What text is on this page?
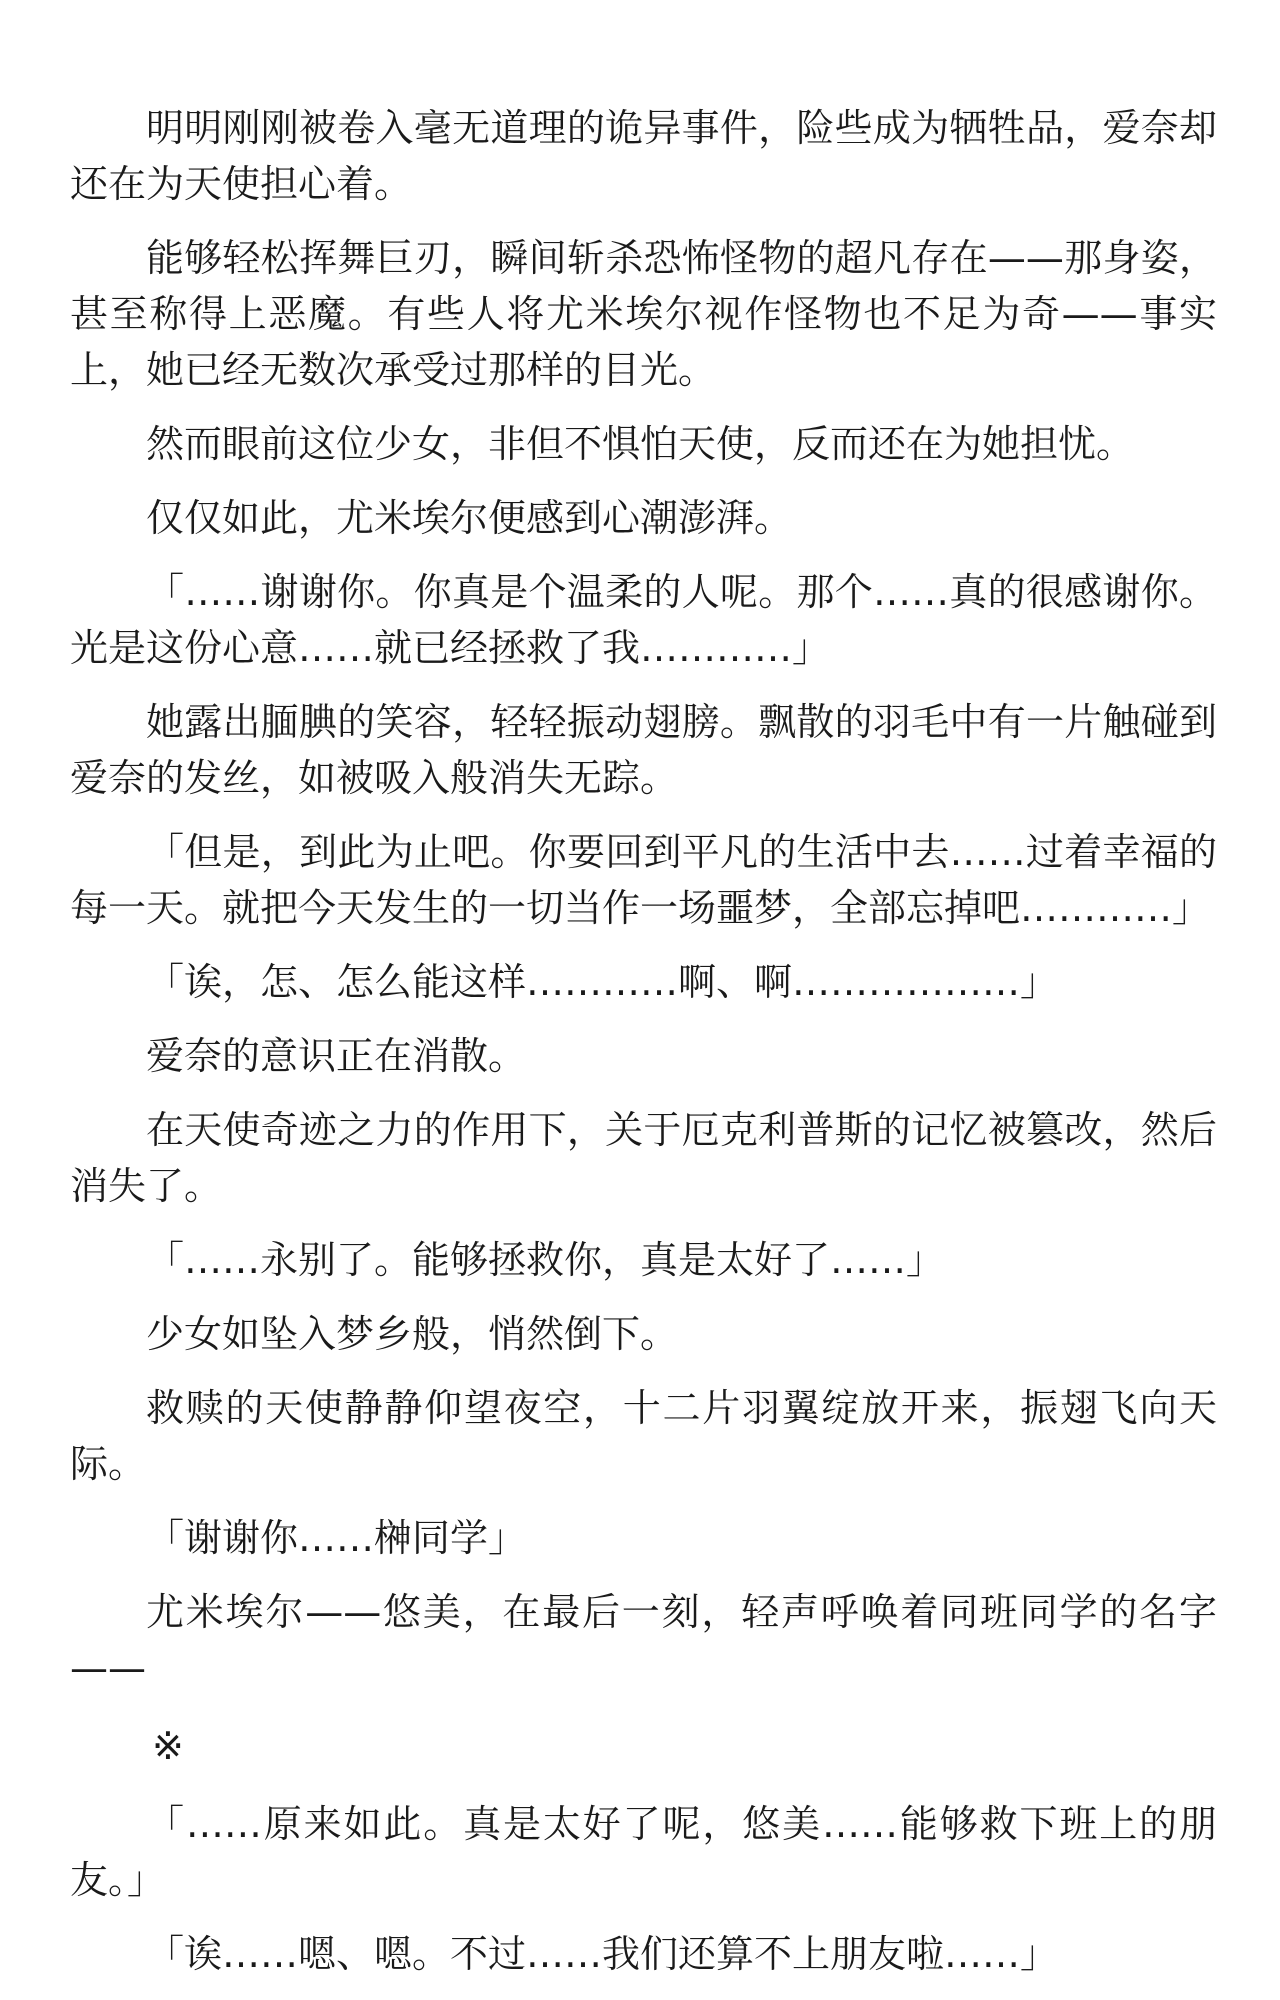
明明刚刚被卷入毫无道理的诡异事件，险些成为牺牲品，爱奈却还在为天使担心着。

能够轻松挥舞巨刃，瞬间斩杀恐怖怪物的超凡存在——那身姿，甚至称得上恶魔。有些人将尤米埃尔视作怪物也不足为奇——事实上，她已经无数次承受过那样的目光。

然而眼前这位少女，非但不惧怕天使，反而还在为她担忧。

仅仅如此，尤米埃尔便感到心潮澎湃。

「……谢谢你。你真是个温柔的人呢。那个……真的很感谢你。光是这份心意……就已经拯救了我…………」

她露出腼腆的笑容，轻轻振动翅膀。飘散的羽毛中有一片触碰到爱奈的发丝，如被吸入般消失无踪。

「但是，到此为止吧。你要回到平凡的生活中去……过着幸福的每一天。就把今天发生的一切当作一场噩梦，全部忘掉吧…………」

「诶，怎、怎么能这样…………啊、啊………………」

爱奈的意识正在消散。

在天使奇迹之力的作用下，关于厄克利普斯的记忆被篡改，然后消失了。

「……永别了。能够拯救你，真是太好了……」

少女如坠入梦乡般，悄然倒下。

救赎的天使静静仰望夜空，十二片羽翼绽放开来，振翅飞向天际。

「谢谢你……榊同学」

尤米埃尔——悠美，在最后一刻，轻声呼唤着同班同学的名字——

※

「……原来如此。真是太好了呢，悠美……能够救下班上的朋友。」

「诶……嗯、嗯。不过……我们还算不上朋友啦……」
